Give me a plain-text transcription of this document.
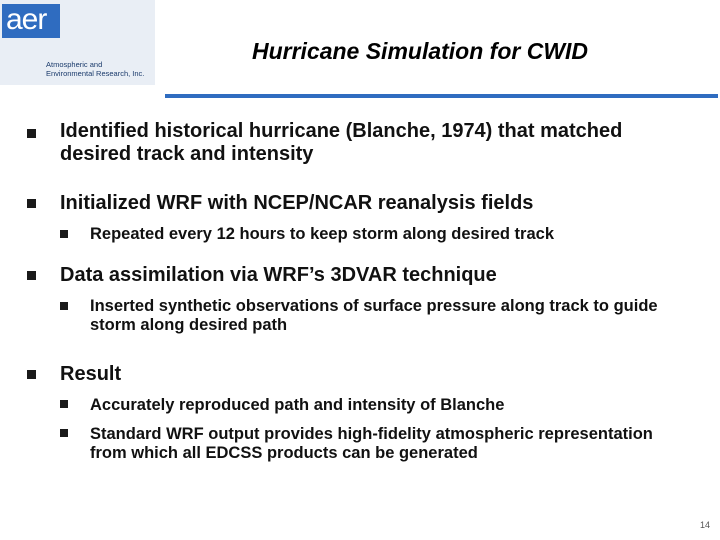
aer
Atmospheric and
Environmental Research, Inc.
Hurricane Simulation for CWID
Identified historical hurricane (Blanche, 1974) that matched desired track and intensity
Initialized WRF with NCEP/NCAR reanalysis fields
Repeated every 12 hours to keep storm along desired track
Data assimilation via WRF’s 3DVAR technique
Inserted synthetic observations of surface pressure along track to guide storm along desired path
Result
Accurately reproduced path and intensity of Blanche
Standard WRF output provides high-fidelity atmospheric representation from which all EDCSS products can be generated
14
